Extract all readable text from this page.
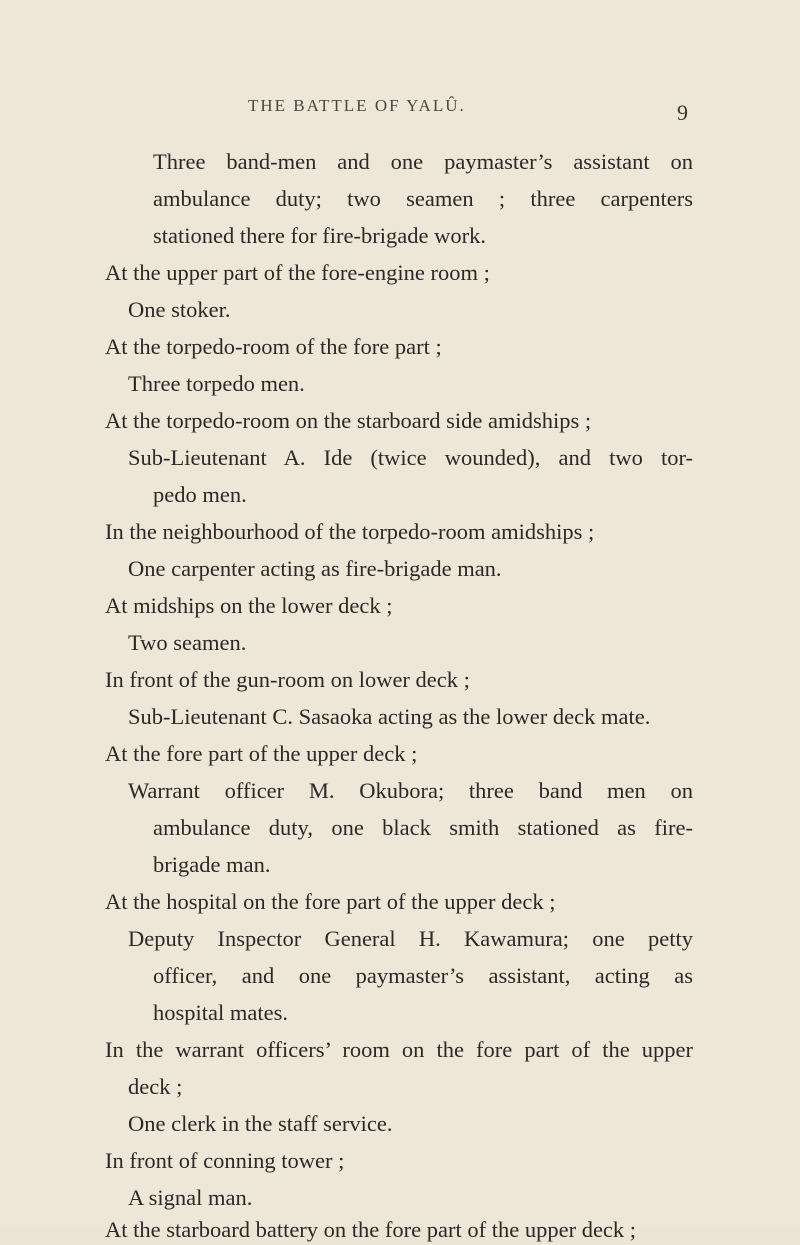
THE BATTLE OF YALÛ.	9
Three band-men and one paymaster’s assistant on
ambulance duty; two seamen ; three carpenters
stationed there for fire-brigade work.
At the upper part of the fore-engine room ;
One stoker.
At the torpedo-room of the fore part ;
Three torpedo men.
At the torpedo-room on the starboard side amidships ;
Sub-Lieutenant A. Ide (twice wounded), and two tor-
pedo men.
In the neighbourhood of the torpedo-room amidships ;
One carpenter acting as fire-brigade man.
At midships on the lower deck ;
Two seamen.
In front of the gun-room on lower deck ;
Sub-Lieutenant C. Sasaoka acting as the lower deck mate.
At the fore part of the upper deck ;
Warrant officer M. Okubora; three band men on
ambulance duty, one black smith stationed as fire-
brigade man.
At the hospital on the fore part of the upper deck ;
Deputy Inspector General H. Kawamura; one petty
officer, and one paymaster’s assistant, acting as
hospital mates.
In the warrant officers’ room on the fore part of the upper
deck ;
One clerk in the staff service.
In front of conning tower ;
A signal man.
At the starboard battery on the fore part of the upper deck ;
